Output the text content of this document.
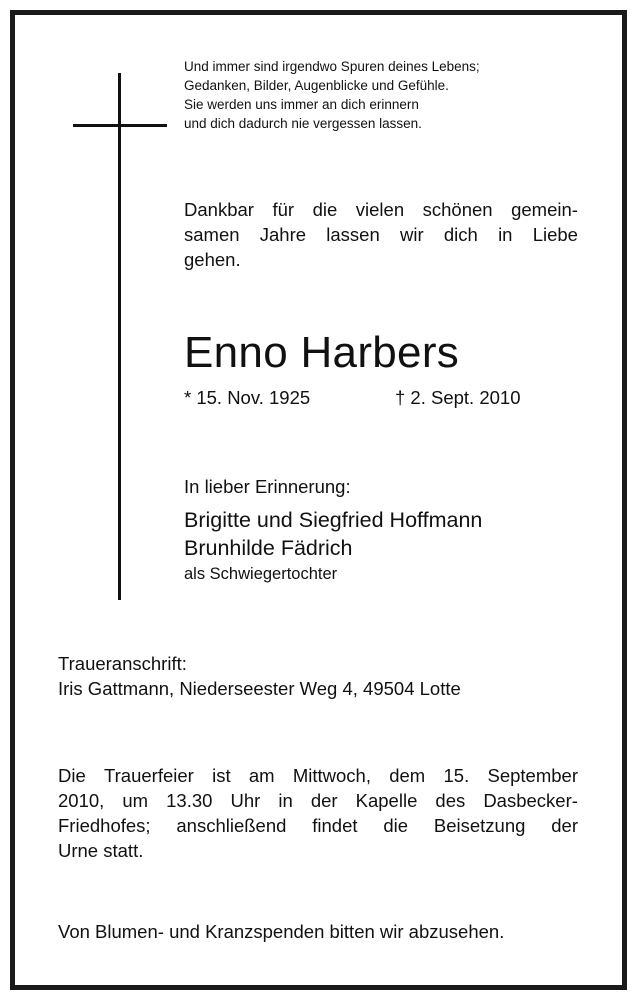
Und immer sind irgendwo Spuren deines Lebens;
Gedanken, Bilder, Augenblicke und Gefühle.
Sie werden uns immer an dich erinnern
und dich dadurch nie vergessen lassen.
Dankbar für die vielen schönen gemein-
samen Jahre lassen wir dich in Liebe
gehen.
Enno Harbers
* 15. Nov. 1925	† 2. Sept. 2010
In lieber Erinnerung:
Brigitte und Siegfried Hoffmann
Brunhilde Fädrich
als Schwiegertochter
Traueranschrift:
Iris Gattmann, Niederseester Weg 4, 49504 Lotte
Die Trauerfeier ist am Mittwoch, dem 15. September
2010, um 13.30 Uhr in der Kapelle des Dasbecker-
Friedhofes; anschließend findet die Beisetzung der
Urne statt.
Von Blumen- und Kranzspenden bitten wir abzusehen.
